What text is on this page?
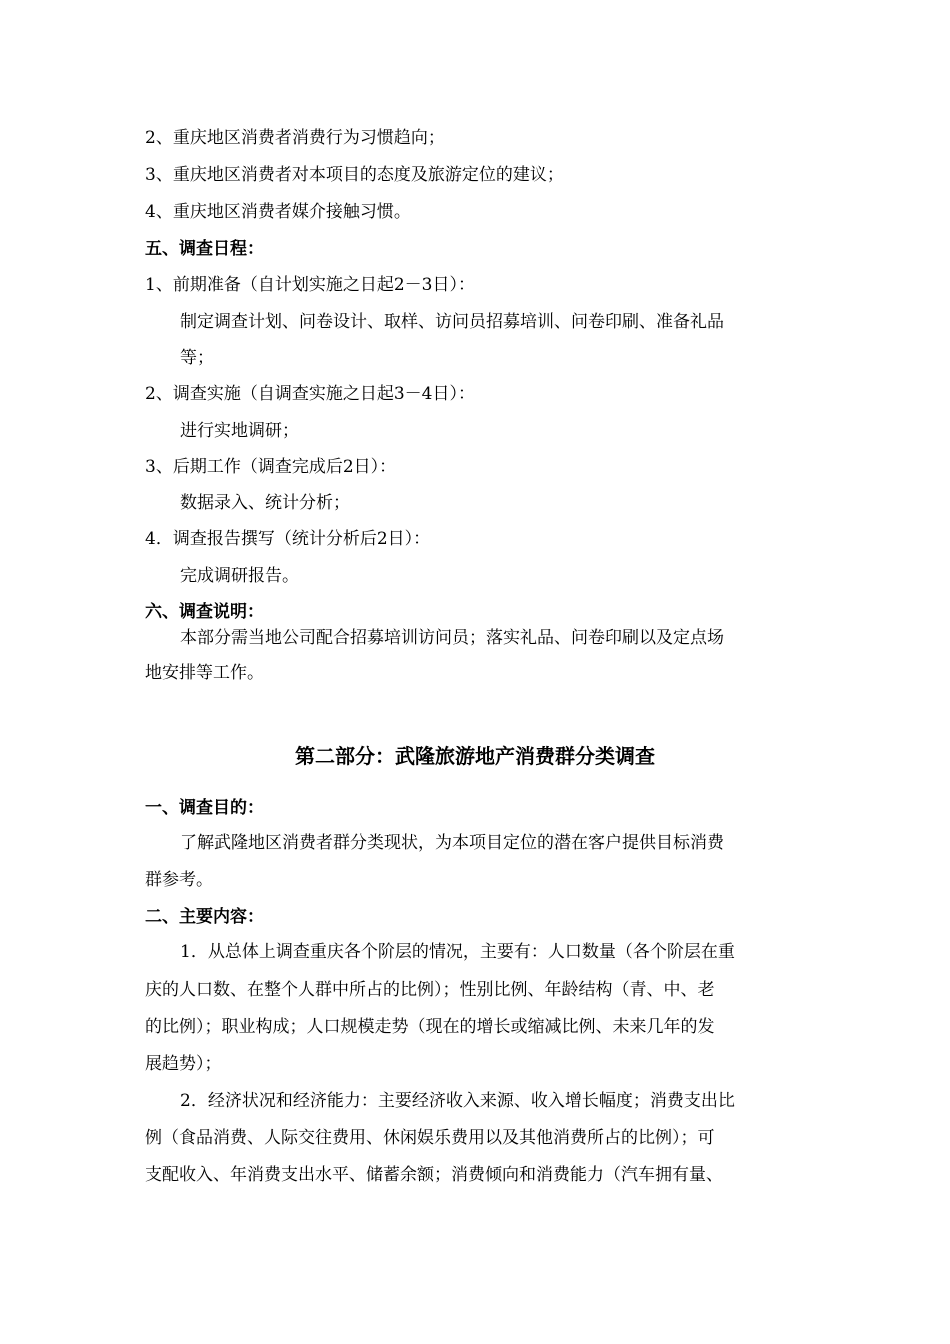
2、重庆地区消费者消费行为习惯趋向；
3、重庆地区消费者对本项目的态度及旅游定位的建议；
4、重庆地区消费者媒介接触习惯。
五、调查日程：
1、前期准备（自计划实施之日起2－3日）：
制定调查计划、问卷设计、取样、访问员招募培训、问卷印刷、准备礼品
等；
2、调查实施（自调查实施之日起3－4日）：
进行实地调研；
3、后期工作（调查完成后2日）：
数据录入、统计分析；
4．调查报告撰写（统计分析后2日）：
完成调研报告。
六、调查说明：
本部分需当地公司配合招募培训访问员；落实礼品、问卷印刷以及定点场
地安排等工作。
第二部分：武隆旅游地产消费群分类调查
一、调查目的：
了解武隆地区消费者群分类现状，为本项目定位的潜在客户提供目标消费
群参考。
二、主要内容：
1．从总体上调查重庆各个阶层的情况，主要有：人口数量（各个阶层在重
庆的人口数、在整个人群中所占的比例）；性别比例、年龄结构（青、中、老
的比例）；职业构成；人口规模走势（现在的增长或缩减比例、未来几年的发
展趋势）；
2．经济状况和经济能力：主要经济收入来源、收入增长幅度；消费支出比
例（食品消费、人际交往费用、休闲娱乐费用以及其他消费所占的比例）；可
支配收入、年消费支出水平、储蓄余额；消费倾向和消费能力（汽车拥有量、
